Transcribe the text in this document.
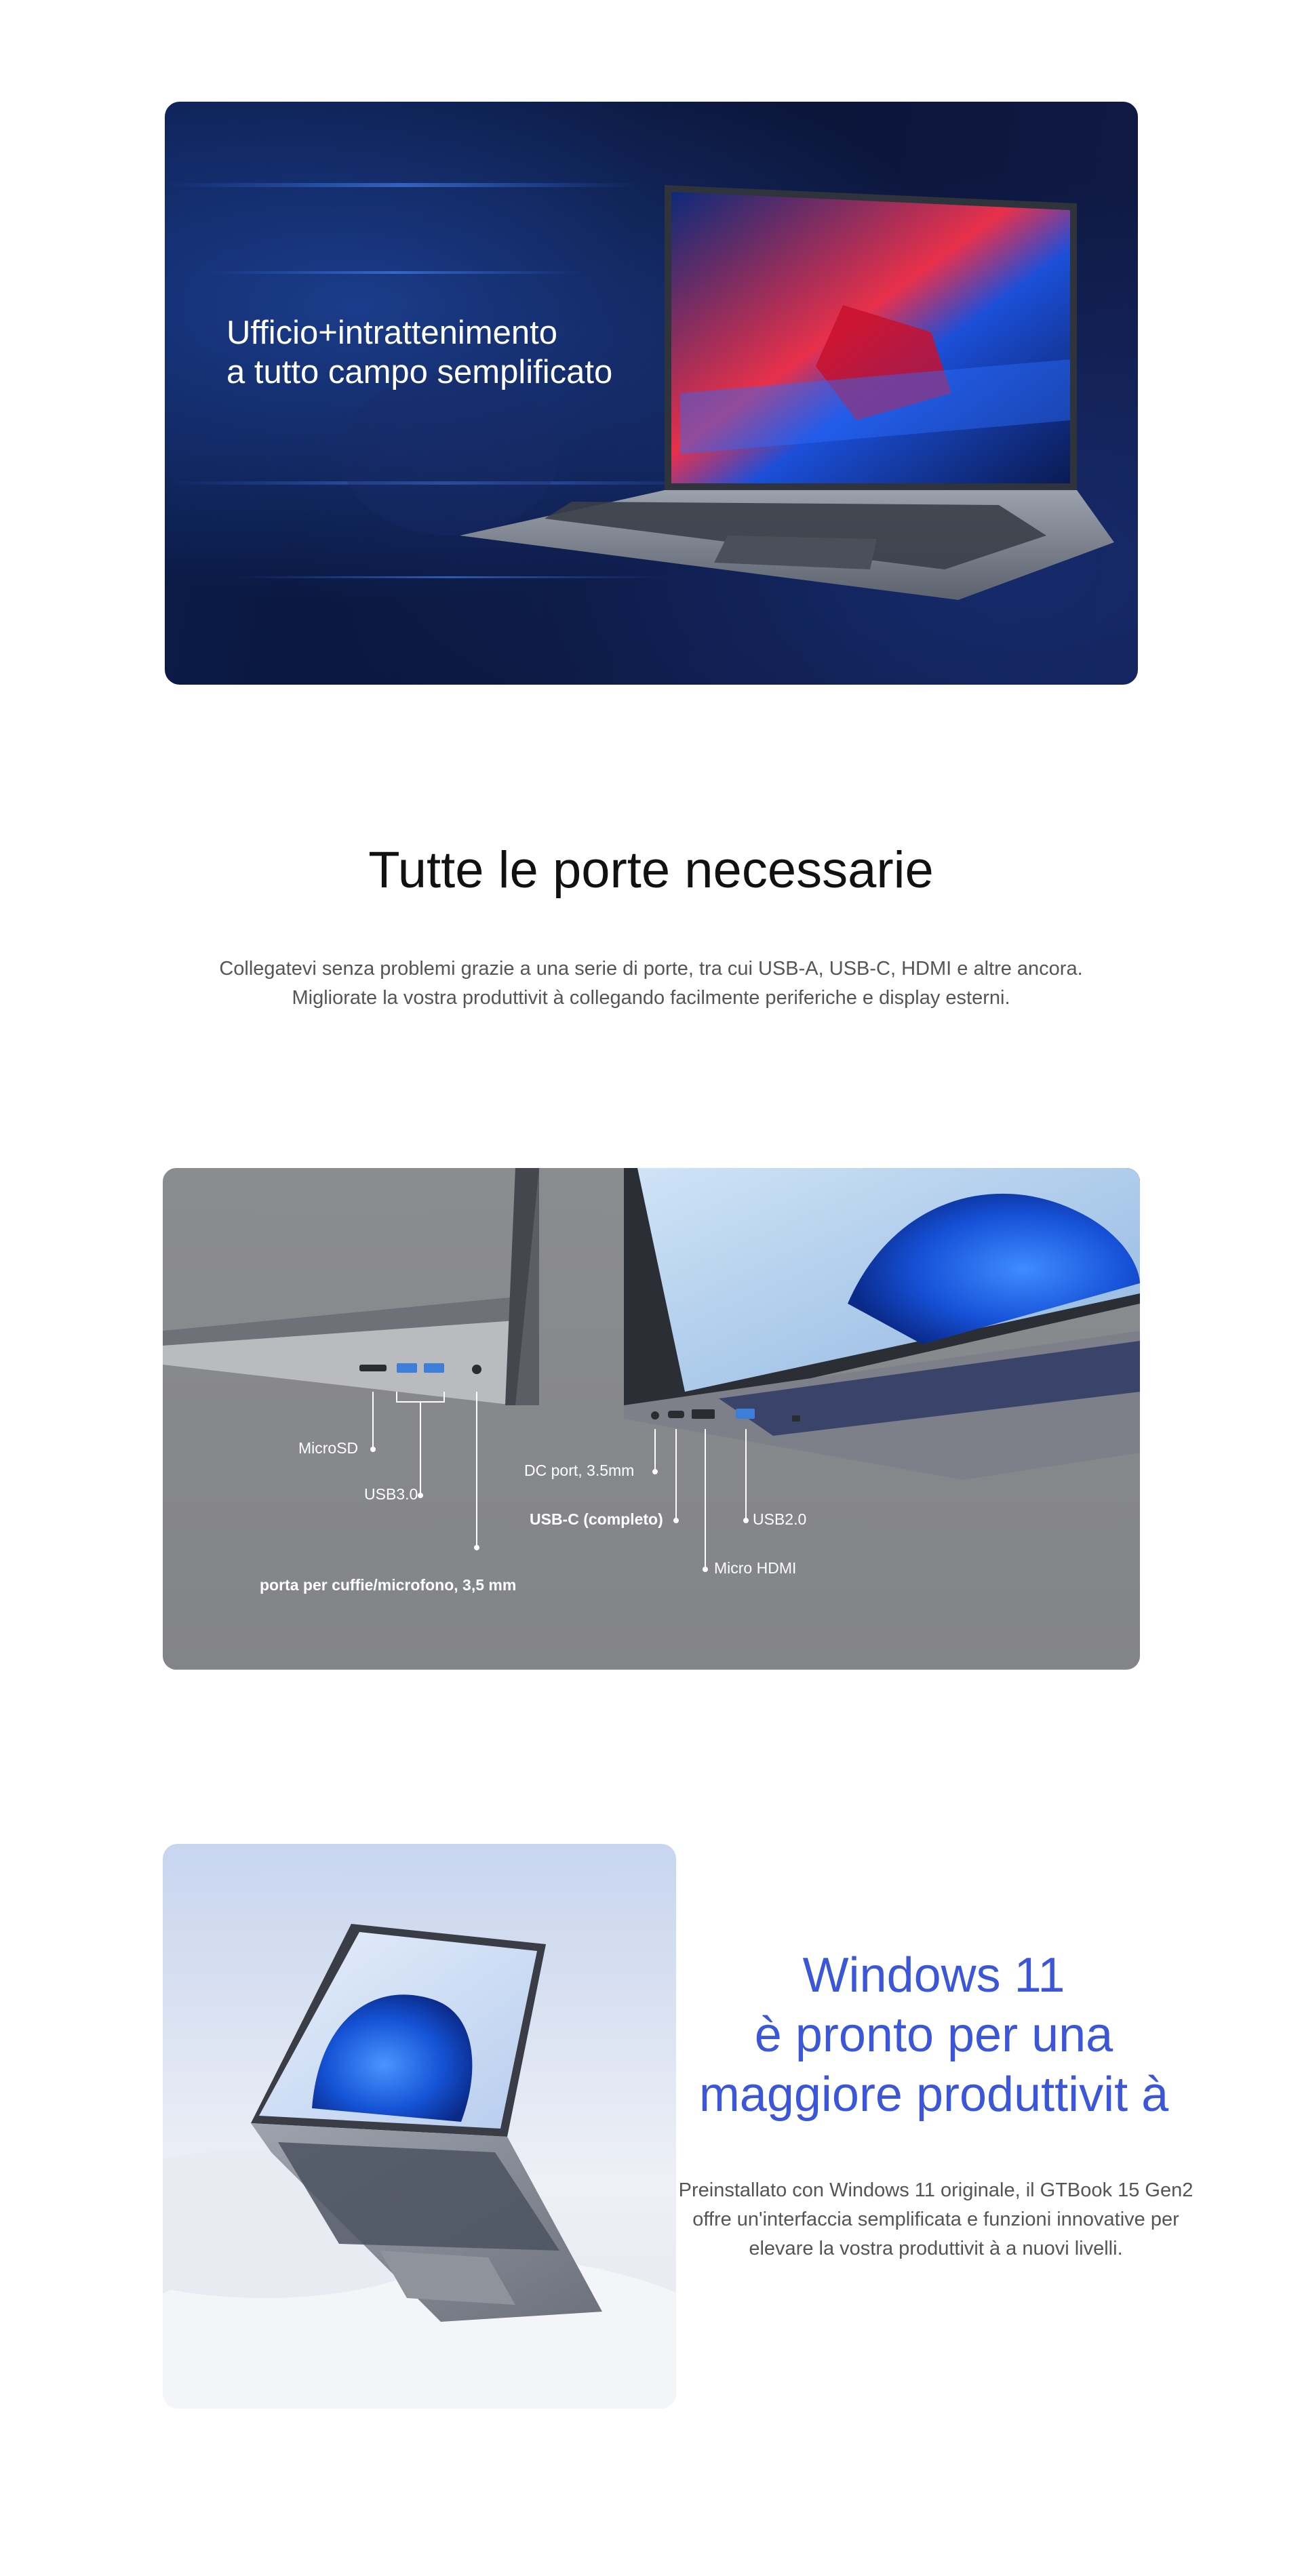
Ufficio+intrattenimento
a tutto campo semplificato
Tutte le porte necessarie

Collegatevi senza problemi grazie a una serie di porte, tra cui USB-A, USB-C, HDMI e altre ancora.
Migliorate la vostra produttivit à collegando facilmente periferiche e display esterni.

MicroSD
USB3.0
porta per cuffie/microfono, 3,5 mm
DC port, 3.5mm
USB-C (completo)	USB2.0
Micro HDMI
Windows 11
è pronto per una
maggiore produttivit à

Preinstallato con Windows 11 originale, il GTBook 15 Gen2
offre un'interfaccia semplificata e funzioni innovative per
elevare la vostra produttivit à a nuovi livelli.
